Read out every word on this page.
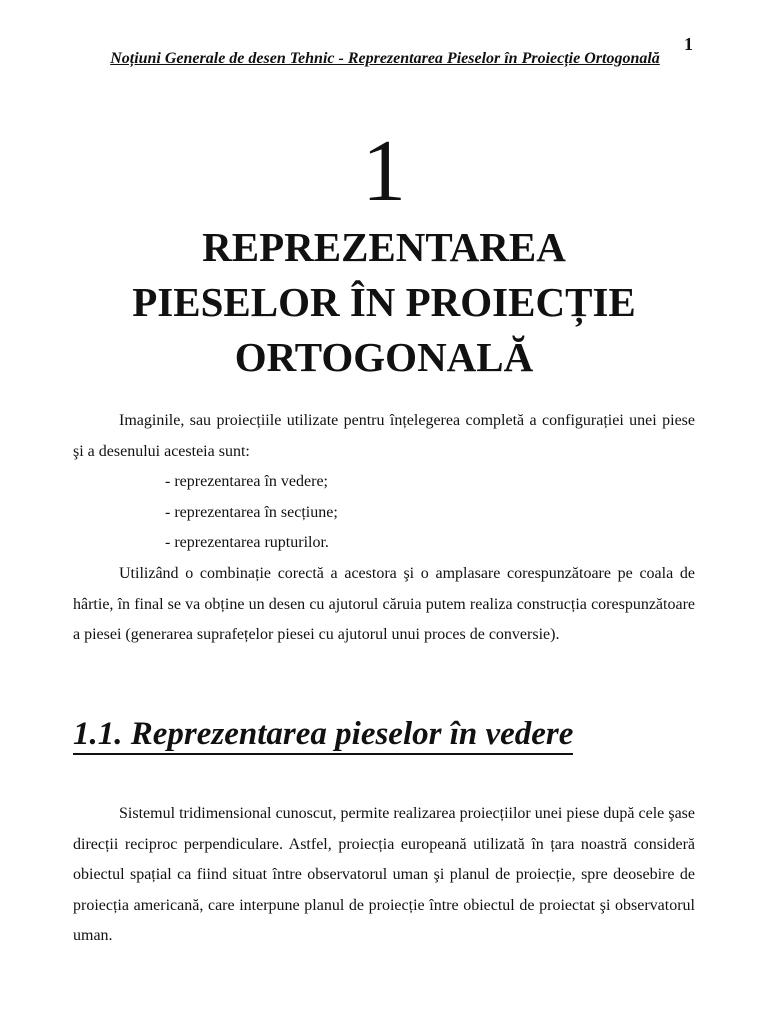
1
Noțiuni Generale de desen Tehnic - Reprezentarea Pieselor în Proiecție Ortogonală
1
REPREZENTAREA
PIESELOR ÎN PROIECȚIE
ORTOGONALĂ
Imaginile, sau proiecțiile utilizate pentru înțelegerea completă a configurației unei piese şi a desenului acesteia sunt:
- reprezentarea în vedere;
- reprezentarea în secțiune;
- reprezentarea rupturilor.
Utilizând o combinație corectă a acestora şi o amplasare corespunzătoare pe coala de hârtie, în final se va obține un desen cu ajutorul căruia putem realiza construcția corespunzătoare a piesei (generarea suprafețelor piesei cu ajutorul unui proces de conversie).
1.1. Reprezentarea pieselor în vedere
Sistemul tridimensional cunoscut, permite realizarea proiecțiilor unei piese după cele şase direcții reciproc perpendiculare. Astfel, proiecția europeană utilizată în țara noastră consideră obiectul spațial ca fiind situat între observatorul uman şi planul de proiecție, spre deosebire de proiecția americană, care interpune planul de proiecție între obiectul de proiectat şi observatorul uman.
